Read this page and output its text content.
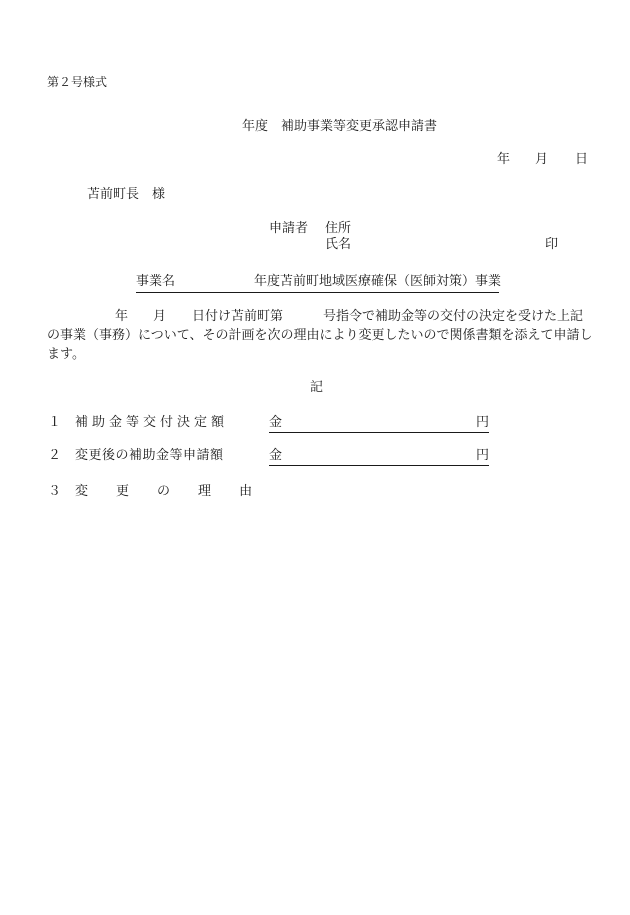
第２号様式
年度　補助事業等変更承認申請書
年 月 日
苫前町長 様
申請者 住所
氏名	印
事業名	年度苫前町地域医療確保（医師対策）事業
年 月 日付け苫前町第	号指令で補助金等の交付の決定を受けた上記
の事業（事務）について、その計画を次の理由により変更したいので関係書類を添えて申請し
ます。
記
１ 補助金等交付決定額	金	円
２ 変更後の補助金等申請額	金	円
３ 変 更 の 理 由
